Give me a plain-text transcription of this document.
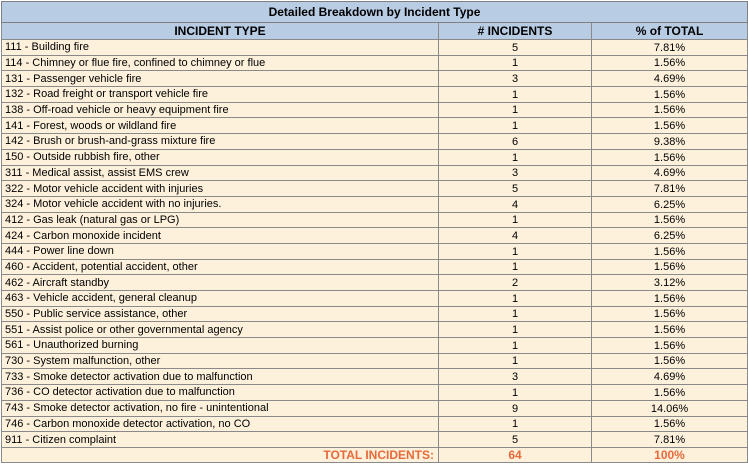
Detailed Breakdown by Incident Type		
INCIDENT TYPE	# INCIDENTS	% of TOTAL
111 - Building fire	5	7.81%
114 - Chimney or flue fire, confined to chimney or flue	1	1.56%
131 - Passenger vehicle fire	3	4.69%
132 - Road freight or transport vehicle fire	1	1.56%
138 - Off-road vehicle or heavy equipment fire	1	1.56%
141 - Forest, woods or wildland fire	1	1.56%
142 - Brush or brush-and-grass mixture fire	6	9.38%
150 - Outside rubbish fire, other	1	1.56%
311 - Medical assist, assist EMS crew	3	4.69%
322 - Motor vehicle accident with injuries	5	7.81%
324 - Motor vehicle accident with no injuries.	4	6.25%
412 - Gas leak (natural gas or LPG)	1	1.56%
424 - Carbon monoxide incident	4	6.25%
444 - Power line down	1	1.56%
460 - Accident, potential accident, other	1	1.56%
462 - Aircraft standby	2	3.12%
463 - Vehicle accident, general cleanup	1	1.56%
550 - Public service assistance, other	1	1.56%
551 - Assist police or other governmental agency	1	1.56%
561 - Unauthorized burning	1	1.56%
730 - System malfunction, other	1	1.56%
733 - Smoke detector activation due to malfunction	3	4.69%
736 - CO detector activation due to malfunction	1	1.56%
743 - Smoke detector activation, no fire - unintentional	9	14.06%
746 - Carbon monoxide detector activation, no CO	1	1.56%
911 - Citizen complaint	5	7.81%
TOTAL INCIDENTS:	64	100%
